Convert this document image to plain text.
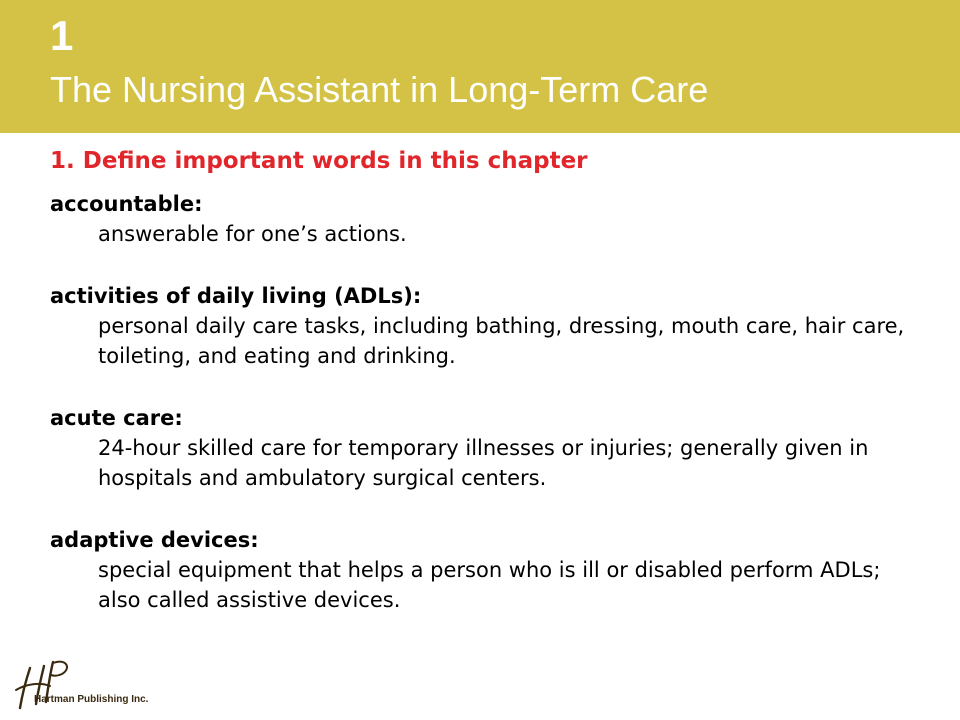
1
The Nursing Assistant in Long-Term Care
1. Define important words in this chapter
accountable:
answerable for one’s actions.
activities of daily living (ADLs):
personal daily care tasks, including bathing, dressing, mouth care, hair care, toileting, and eating and drinking.
acute care:
24-hour skilled care for temporary illnesses or injuries; generally given in hospitals and ambulatory surgical centers.
adaptive devices:
special equipment that helps a person who is ill or disabled perform ADLs; also called assistive devices.
Hartman Publishing Inc.
